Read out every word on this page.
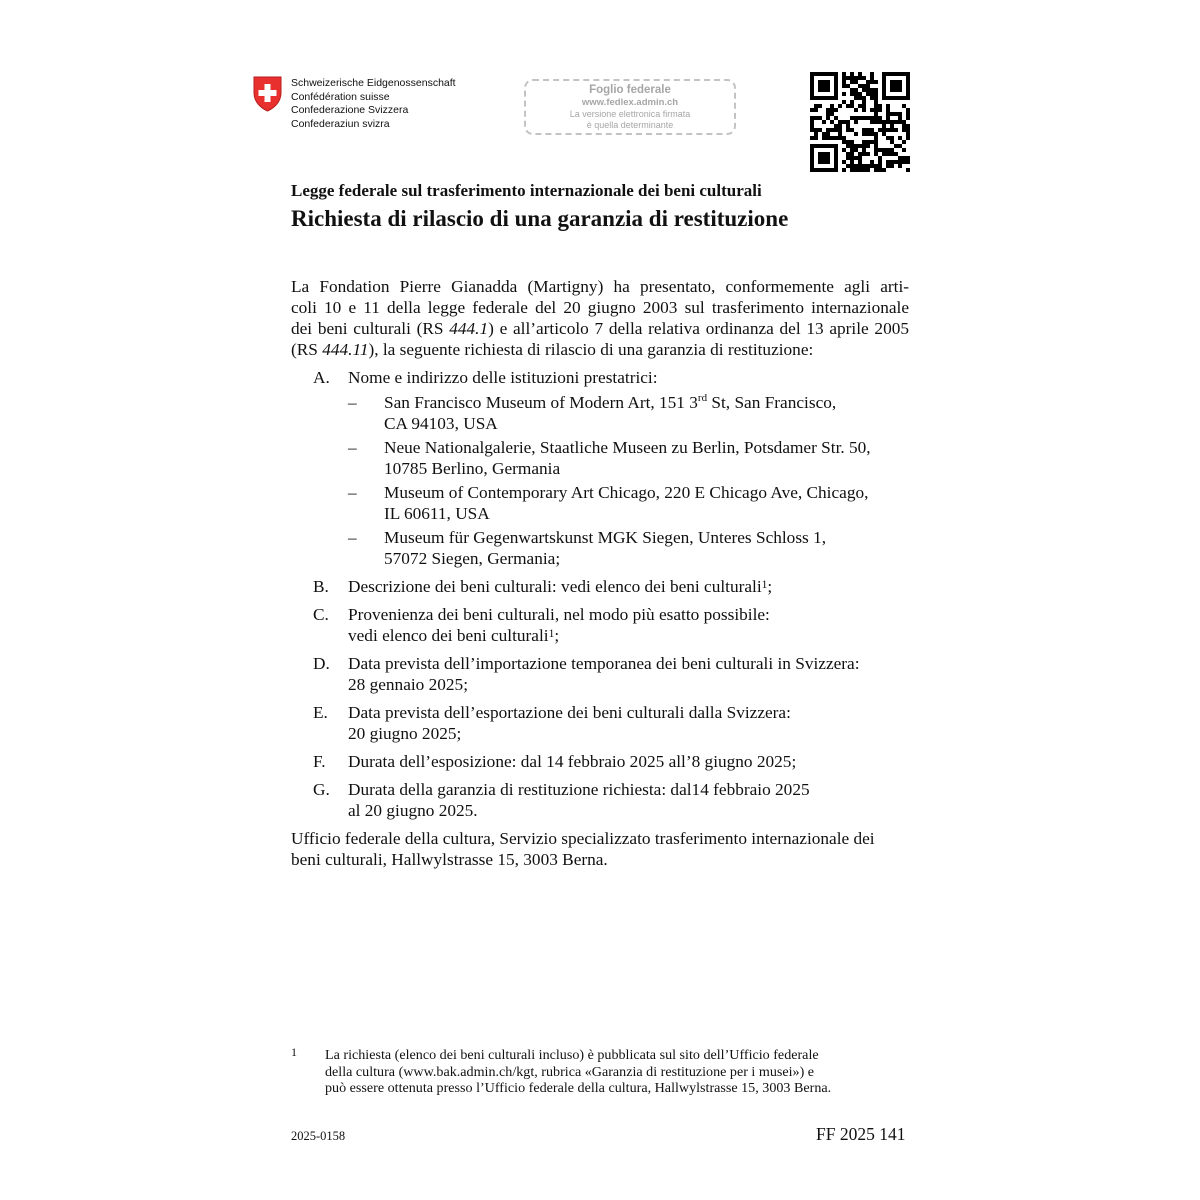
Schweizerische Eidgenossenschaft
Confédération suisse
Confederazione Svizzera
Confederaziun svizra
Foglio federale
www.fedlex.admin.ch
La versione elettronica firmata
è quella determinante
Legge federale sul trasferimento internazionale dei beni culturali
Richiesta di rilascio di una garanzia di restituzione

La Fondation Pierre Gianadda (Martigny) ha presentato, conformemente agli arti-
coli 10 e 11 della legge federale del 20 giugno 2003 sul trasferimento internazionale
dei beni culturali (RS 444.1) e all’articolo 7 della relativa ordinanza del 13 aprile 2005
(RS 444.11), la seguente richiesta di rilascio di una garanzia di restituzione:

A. Nome e indirizzo delle istituzioni prestatrici:
– San Francisco Museum of Modern Art, 151 3rd St, San Francisco,
CA 94103, USA
– Neue Nationalgalerie, Staatliche Museen zu Berlin, Potsdamer Str. 50,
10785 Berlino, Germania
– Museum of Contemporary Art Chicago, 220 E Chicago Ave, Chicago,
IL 60611, USA
– Museum für Gegenwartskunst MGK Siegen, Unteres Schloss 1,
57072 Siegen, Germania;
B. Descrizione dei beni culturali: vedi elenco dei beni culturali$^1$;
C. Provenienza dei beni culturali, nel modo più esatto possibile:
vedi elenco dei beni culturali$^1$;
D. Data prevista dell’importazione temporanea dei beni culturali in Svizzera:
28 gennaio 2025;
E. Data prevista dell’esportazione dei beni culturali dalla Svizzera:
20 giugno 2025;
F. Durata dell’esposizione: dal 14 febbraio 2025 all’8 giugno 2025;
G. Durata della garanzia di restituzione richiesta: dal14 febbraio 2025
al 20 giugno 2025.

Ufficio federale della cultura, Servizio specializzato trasferimento internazionale dei
beni culturali, Hallwylstrasse 15, 3003 Berna.

1	La richiesta (elenco dei beni culturali incluso) è pubblicata sul sito dell’Ufficio federale
della cultura (www.bak.admin.ch/kgt, rubrica «Garanzia di restituzione per i musei») e
può essere ottenuta presso l’Ufficio federale della cultura, Hallwylstrasse 15, 3003 Berna.
2025-0158	FF 2025 141
